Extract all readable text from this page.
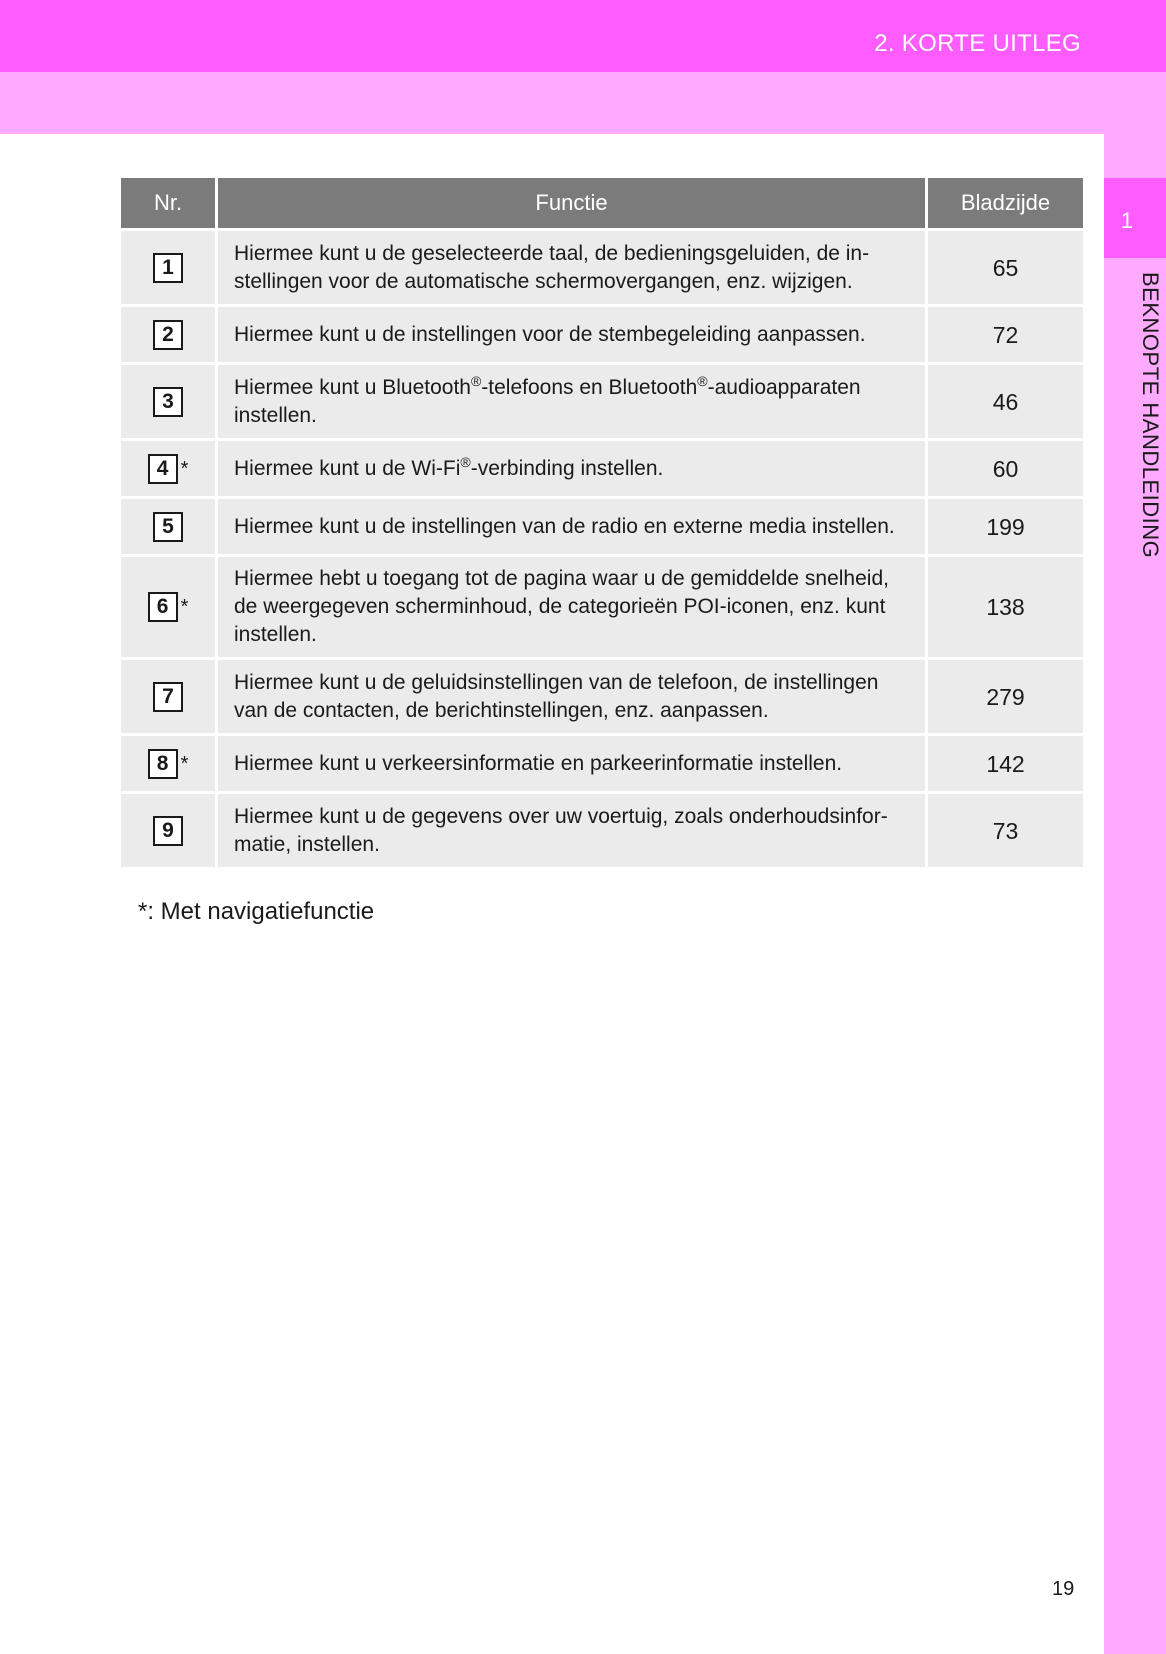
2. KORTE UITLEG
1
BEKNOPTE HANDLEIDING
Nr.	Functie	Bladzijde
1	Hiermee kunt u de geselecteerde taal, de bedieningsgeluiden, de in-stellingen voor de automatische schermovergangen, enz. wijzigen.	65
2	Hiermee kunt u de instellingen voor de stembegeleiding aanpassen.	72
3	Hiermee kunt u Bluetooth®-telefoons en Bluetooth®-audioapparaten instellen.	46
4 *	Hiermee kunt u de Wi-Fi®-verbinding instellen.	60
5	Hiermee kunt u de instellingen van de radio en externe media instellen.	199
6 *	Hiermee hebt u toegang tot de pagina waar u de gemiddelde snelheid, de weergegeven scherminhoud, de categorieën POI-iconen, enz. kunt instellen.	138
7	Hiermee kunt u de geluidsinstellingen van de telefoon, de instellingen van de contacten, de berichtinstellingen, enz. aanpassen.	279
8 *	Hiermee kunt u verkeersinformatie en parkeerinformatie instellen.	142
9	Hiermee kunt u de gegevens over uw voertuig, zoals onderhoudsinfor-matie, instellen.	73
*: Met navigatiefunctie
19
